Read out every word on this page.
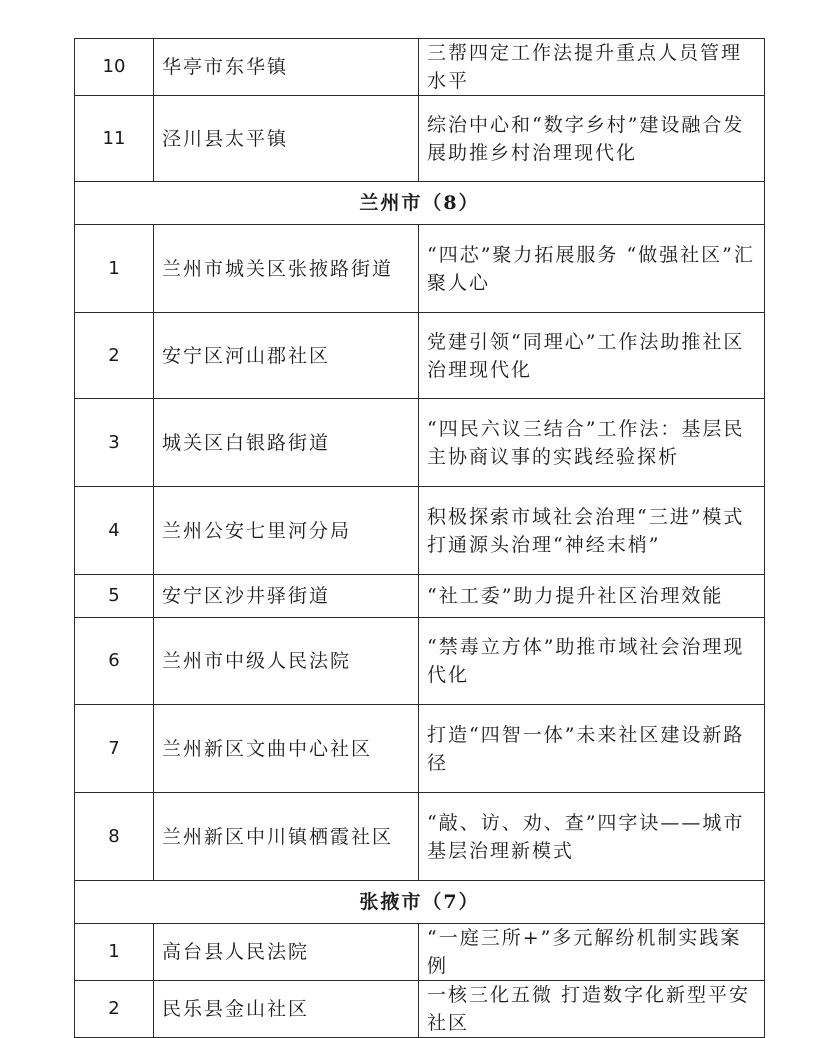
10	华亭市东华镇	三帮四定工作法提升重点人员管理水平
11	泾川县太平镇	综治中心和“数字乡村”建设融合发展助推乡村治理现代化
兰州市（8）		
1	兰州市城关区张掖路街道	“四芯”聚力拓展服务 “做强社区”汇聚人心
2	安宁区河山郡社区	党建引领“同理心”工作法助推社区治理现代化
3	城关区白银路街道	“四民六议三结合”工作法：基层民主协商议事的实践经验探析
4	兰州公安七里河分局	积极探索市域社会治理“三进”模式 打通源头治理“神经末梢”
5	安宁区沙井驿街道	“社工委”助力提升社区治理效能
6	兰州市中级人民法院	“禁毒立方体”助推市域社会治理现代化
7	兰州新区文曲中心社区	打造“四智一体”未来社区建设新路径
8	兰州新区中川镇栖霞社区	“敲、访、劝、查”四字诀——城市基层治理新模式
张掖市（7）		
1	高台县人民法院	“一庭三所+”多元解纷机制实践案例
2	民乐县金山社区	一核三化五微 打造数字化新型平安社区
